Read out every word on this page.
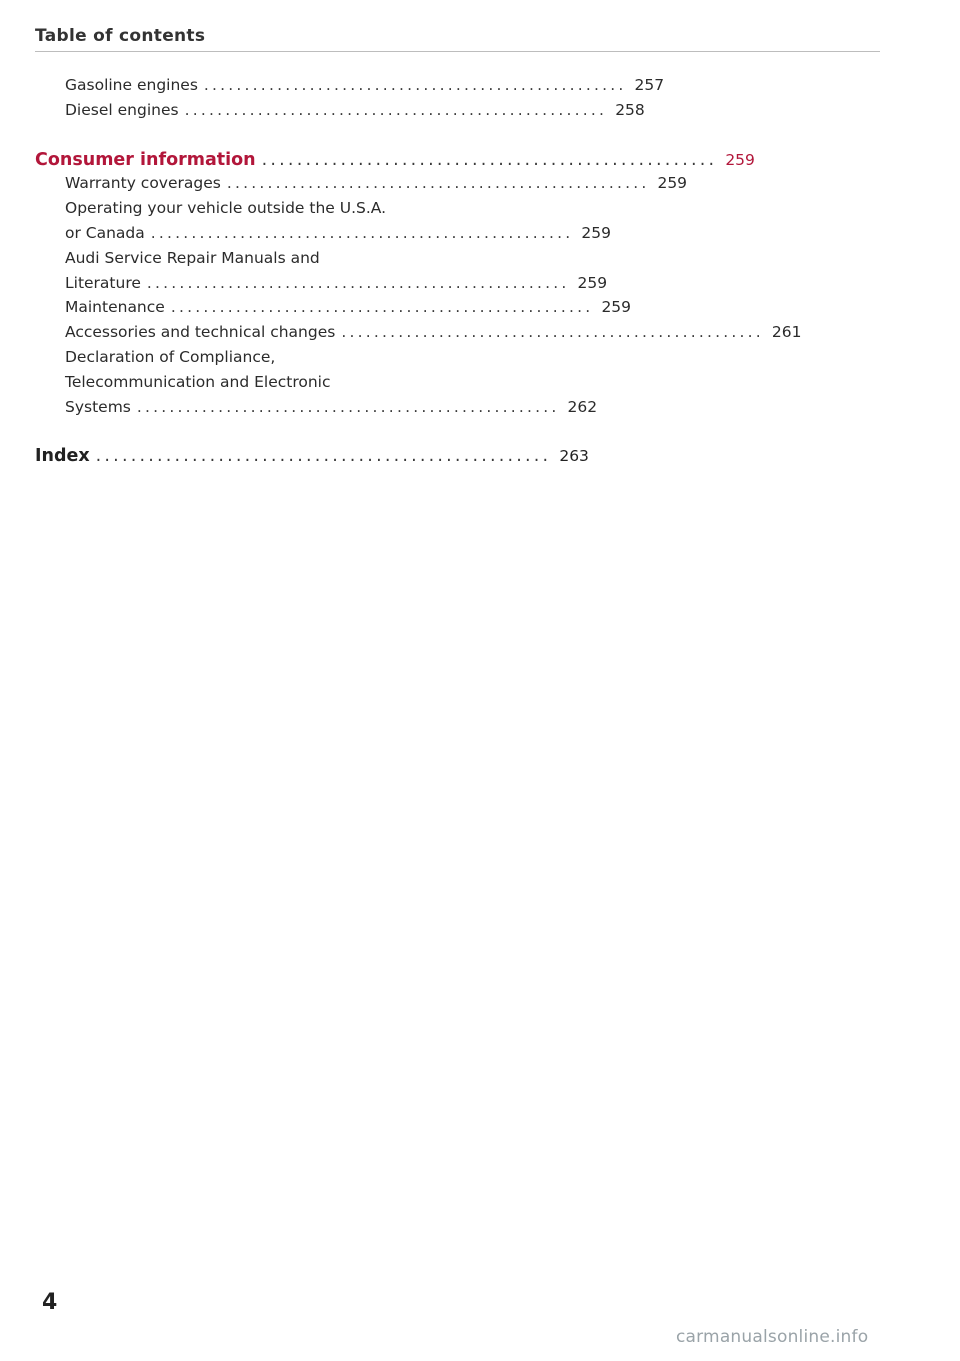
Table of contents
Gasoline engines .................................................... 257
Diesel engines .................................................... 258
Consumer information .................................................... 259
Warranty coverages .................................................... 259
Operating your vehicle outside the U.S.A.
or Canada .................................................... 259
Audi Service Repair Manuals and
Literature .................................................... 259
Maintenance .................................................... 259
Accessories and technical changes .................................................... 261
Declaration of Compliance,
Telecommunication and Electronic
Systems .................................................... 262
Index .................................................... 263
4
carmanualsonline.info
